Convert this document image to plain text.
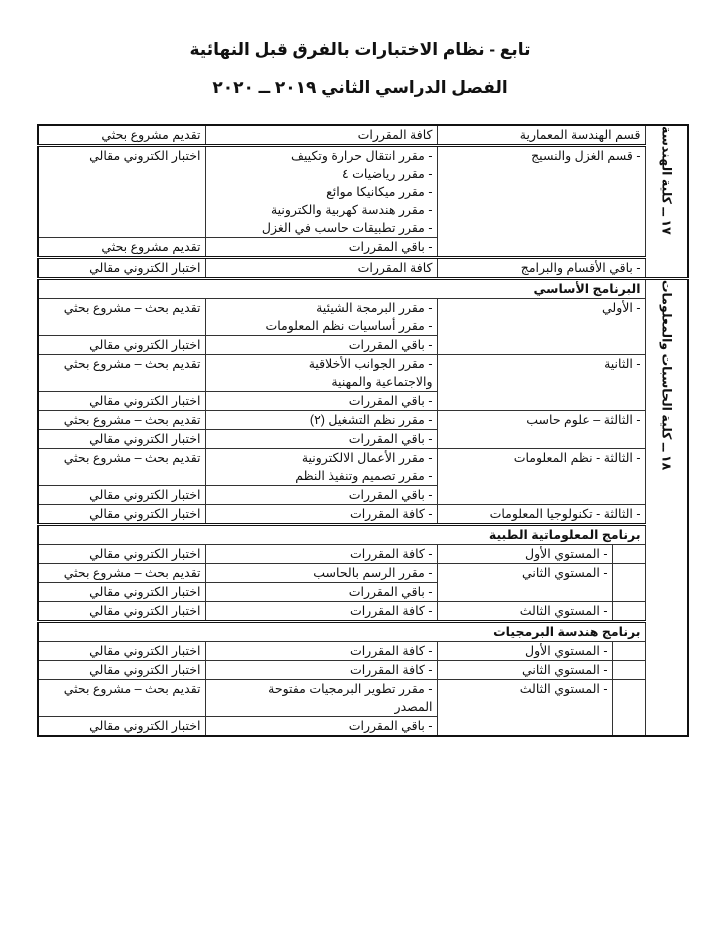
تابع - نظام الاختبارات بالفرق قبل النهائية
الفصل الدراسي الثاني ٢٠١٩ ــ ٢٠٢٠
١٧ ــ كلية الهندسة	قسم الهندسة المعمارية		كافة المقررات	تقديم مشروع بحثي
	- قسم الغزل والنسيج		- مقرر انتقال حرارة وتكييف
- مقرر رياضيات ٤
- مقرر ميكانيكا موائع
- مقرر هندسة كهربية والكترونية
- مقرر تطبيقات حاسب في الغزل	اختبار الكتروني مقالي
			- باقي المقررات	تقديم مشروع بحثي
	- باقي الأقسام والبرامج		كافة المقررات	اختبار الكتروني مقالي

١٨ ــ كلية الحاسبات والمعلومات	البرنامج الأساسي			
	- الأولي		- مقرر البرمجة الشيئية
- مقرر أساسيات نظم المعلومات	تقديم بحث – مشروع بحثي
			- باقي المقررات	اختبار الكتروني مقالي
	- الثانية		- مقرر الجوانب الأخلاقية
والاجتماعية والمهنية	تقديم بحث – مشروع بحثي
			- باقي المقررات	اختبار الكتروني مقالي
	- الثالثة – علوم حاسب		- مقرر نظم التشغيل (٢)	تقديم بحث – مشروع بحثي
			- باقي المقررات	اختبار الكتروني مقالي
	- الثالثة - نظم المعلومات		- مقرر الأعمال الالكترونية
- مقرر تصميم وتنفيذ النظم	تقديم بحث – مشروع بحثي
			- باقي المقررات	اختبار الكتروني مقالي
	- الثالثة - تكنولوجيا المعلومات		- كافة المقررات	اختبار الكتروني مقالي
	برنامج المعلوماتية الطبية			
		- المستوي الأول	- كافة المقررات	اختبار الكتروني مقالي
		- المستوي الثاني	- مقرر الرسم بالحاسب	تقديم بحث – مشروع بحثي
			- باقي المقررات	اختبار الكتروني مقالي
		- المستوي الثالث	- كافة المقررات	اختبار الكتروني مقالي
	برنامج هندسة البرمجيات			
		- المستوي الأول	- كافة المقررات	اختبار الكتروني مقالي
		- المستوي الثاني	- كافة المقررات	اختبار الكتروني مقالي
		- المستوي الثالث	- مقرر تطوير البرمجيات مفتوحة
المصدر	تقديم بحث – مشروع بحثي
			- باقي المقررات	اختبار الكتروني مقالي
